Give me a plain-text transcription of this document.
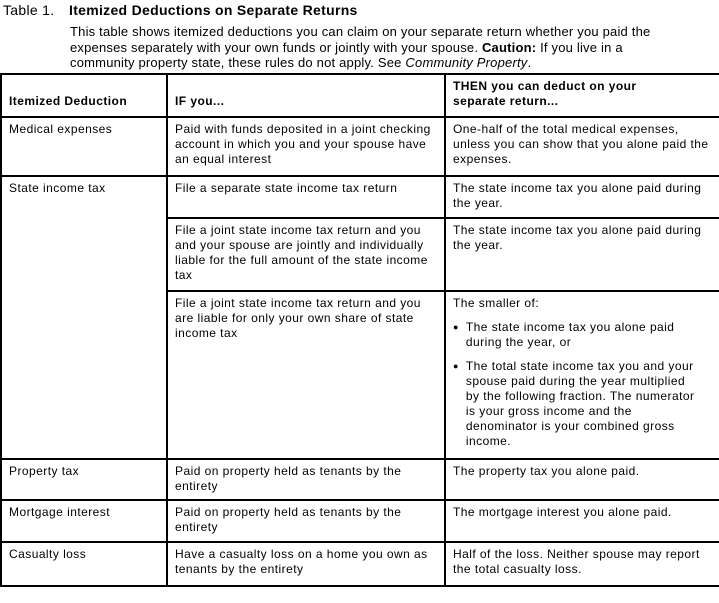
Table 1.	Itemized Deductions on Separate Returns
This table shows itemized deductions you can claim on your separate return whether you paid the expenses separately with your own funds or jointly with your spouse. Caution: If you live in a community property state, these rules do not apply. See Community Property.
Itemized Deduction	IF you...	THEN you can deduct on your separate return...

Medical expenses	Paid with funds deposited in a joint checking account in which you and your spouse have an equal interest	One-half of the total medical expenses, unless you can show that you alone paid the expenses.
State income tax	File a separate state income tax return	The state income tax you alone paid during the year.
	File a joint state income tax return and you and your spouse are jointly and individually liable for the full amount of the state income tax	The state income tax you alone paid during the year.
	File a joint state income tax return and you are liable for only your own share of state income tax	The smaller of:
● The state income tax you alone paid during the year, or
● The total state income tax you and your spouse paid during the year multiplied by the following fraction. The numerator is your gross income and the denominator is your combined gross income.

Property tax	Paid on property held as tenants by the entirety	The property tax you alone paid.
Mortgage interest	Paid on property held as tenants by the entirety	The mortgage interest you alone paid.
Casualty loss	Have a casualty loss on a home you own as tenants by the entirety	Half of the loss. Neither spouse may report the total casualty loss.
